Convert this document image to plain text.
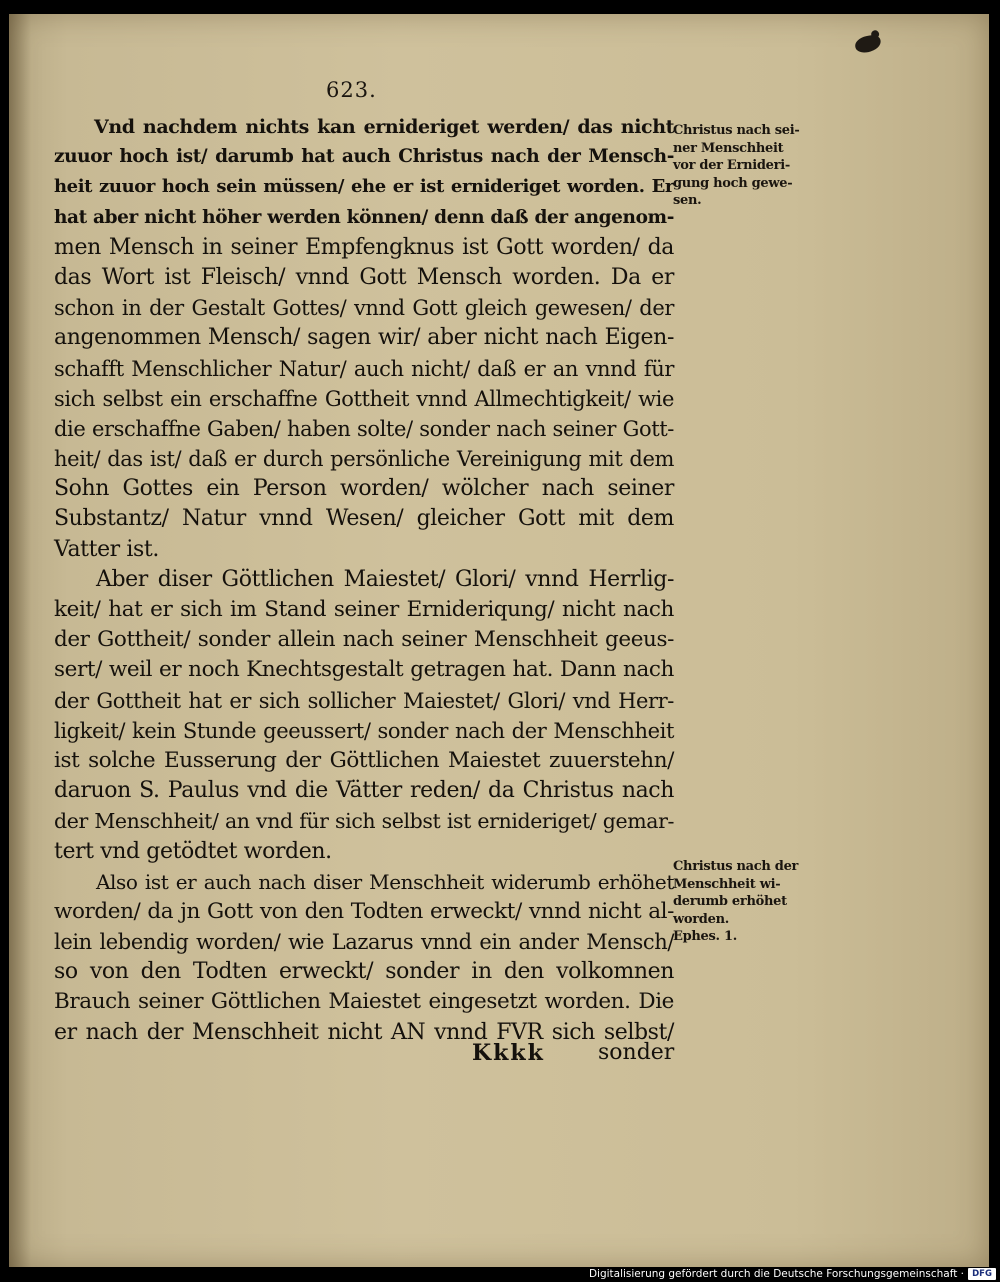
623.
Vnd nachdem nichts kan ernideriget werden/ das nicht
zuuor hoch ist/ darumb hat auch Christus nach der Mensch-
heit zuuor hoch sein müssen/ ehe er ist ernideriget worden. Er
hat aber nicht höher werden können/ denn daß der angenom-
men Mensch in seiner Empfengknus ist Gott worden/ da
das Wort ist Fleisch/ vnnd Gott Mensch worden. Da er
schon in der Gestalt Gottes/ vnnd Gott gleich gewesen/ der
angenommen Mensch/ sagen wir/ aber nicht nach Eigen-
schafft Menschlicher Natur/ auch nicht/ daß er an vnnd für
sich selbst ein erschaffne Gottheit vnnd Allmechtigkeit/ wie
die erschaffne Gaben/ haben solte/ sonder nach seiner Gott-
heit/ das ist/ daß er durch persönliche Vereinigung mit dem
Sohn Gottes ein Person worden/ wölcher nach seiner
Substantz/ Natur vnnd Wesen/ gleicher Gott mit dem
Vatter ist.
Aber diser Göttlichen Maiestet/ Glori/ vnnd Herrlig-
keit/ hat er sich im Stand seiner Ernideriqung/ nicht nach
der Gottheit/ sonder allein nach seiner Menschheit geeus-
sert/ weil er noch Knechtsgestalt getragen hat. Dann nach
der Gottheit hat er sich sollicher Maiestet/ Glori/ vnd Herr-
ligkeit/ kein Stunde geeussert/ sonder nach der Menschheit
ist solche Eusserung der Göttlichen Maiestet zuuerstehn/
daruon S. Paulus vnd die Vätter reden/ da Christus nach
der Menschheit/ an vnd für sich selbst ist ernideriget/ gemar-
tert vnd getödtet worden.
Also ist er auch nach diser Menschheit widerumb erhöhet
worden/ da jn Gott von den Todten erweckt/ vnnd nicht al-
lein lebendig worden/ wie Lazarus vnnd ein ander Mensch/
so von den Todten erweckt/ sonder in den volkomnen
Brauch seiner Göttlichen Maiestet eingesetzt worden. Die
er nach der Menschheit nicht AN vnnd FVR sich selbst/
Christus nach sei-
ner Menschheit
vor der Ernideri-
gung hoch gewe-
sen.
Christus nach der
Menschheit wi-
derumb erhöhet
worden.
Ephes. 1.
Kkkk sonder
Digitalisierung gefördert durch die Deutsche Forschungsgemeinschaft · DFG
